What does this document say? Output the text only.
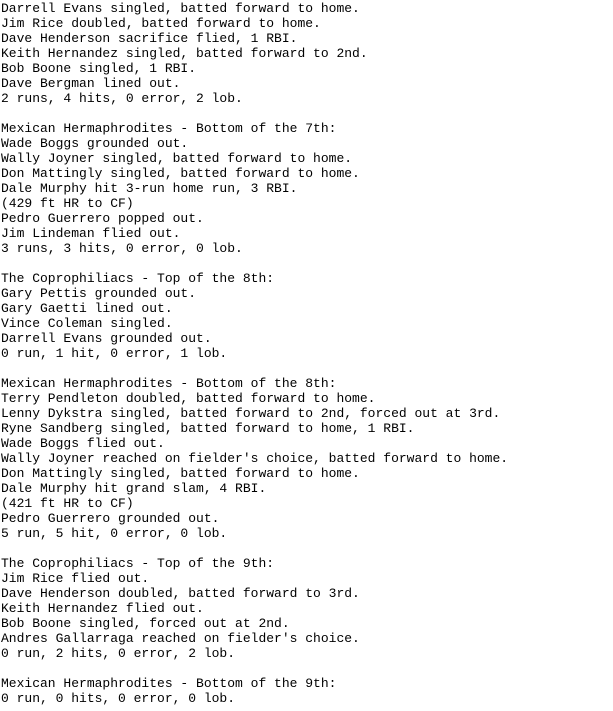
Darrell Evans singled, batted forward to home.
Jim Rice doubled, batted forward to home.
Dave Henderson sacrifice flied, 1 RBI.
Keith Hernandez singled, batted forward to 2nd.
Bob Boone singled, 1 RBI.
Dave Bergman lined out.
2 runs, 4 hits, 0 error, 2 lob.

Mexican Hermaphrodites - Bottom of the 7th:
Wade Boggs grounded out.
Wally Joyner singled, batted forward to home.
Don Mattingly singled, batted forward to home.
Dale Murphy hit 3-run home run, 3 RBI.
(429 ft HR to CF)
Pedro Guerrero popped out.
Jim Lindeman flied out.
3 runs, 3 hits, 0 error, 0 lob.

The Coprophiliacs - Top of the 8th:
Gary Pettis grounded out.
Gary Gaetti lined out.
Vince Coleman singled.
Darrell Evans grounded out.
0 run, 1 hit, 0 error, 1 lob.

Mexican Hermaphrodites - Bottom of the 8th:
Terry Pendleton doubled, batted forward to home.
Lenny Dykstra singled, batted forward to 2nd, forced out at 3rd.
Ryne Sandberg singled, batted forward to home, 1 RBI.
Wade Boggs flied out.
Wally Joyner reached on fielder's choice, batted forward to home.
Don Mattingly singled, batted forward to home.
Dale Murphy hit grand slam, 4 RBI.
(421 ft HR to CF)
Pedro Guerrero grounded out.
5 run, 5 hit, 0 error, 0 lob.

The Coprophiliacs - Top of the 9th:
Jim Rice flied out.
Dave Henderson doubled, batted forward to 3rd.
Keith Hernandez flied out.
Bob Boone singled, forced out at 2nd.
Andres Gallarraga reached on fielder's choice.
0 run, 2 hits, 0 error, 2 lob.

Mexican Hermaphrodites - Bottom of the 9th:
0 run, 0 hits, 0 error, 0 lob.
